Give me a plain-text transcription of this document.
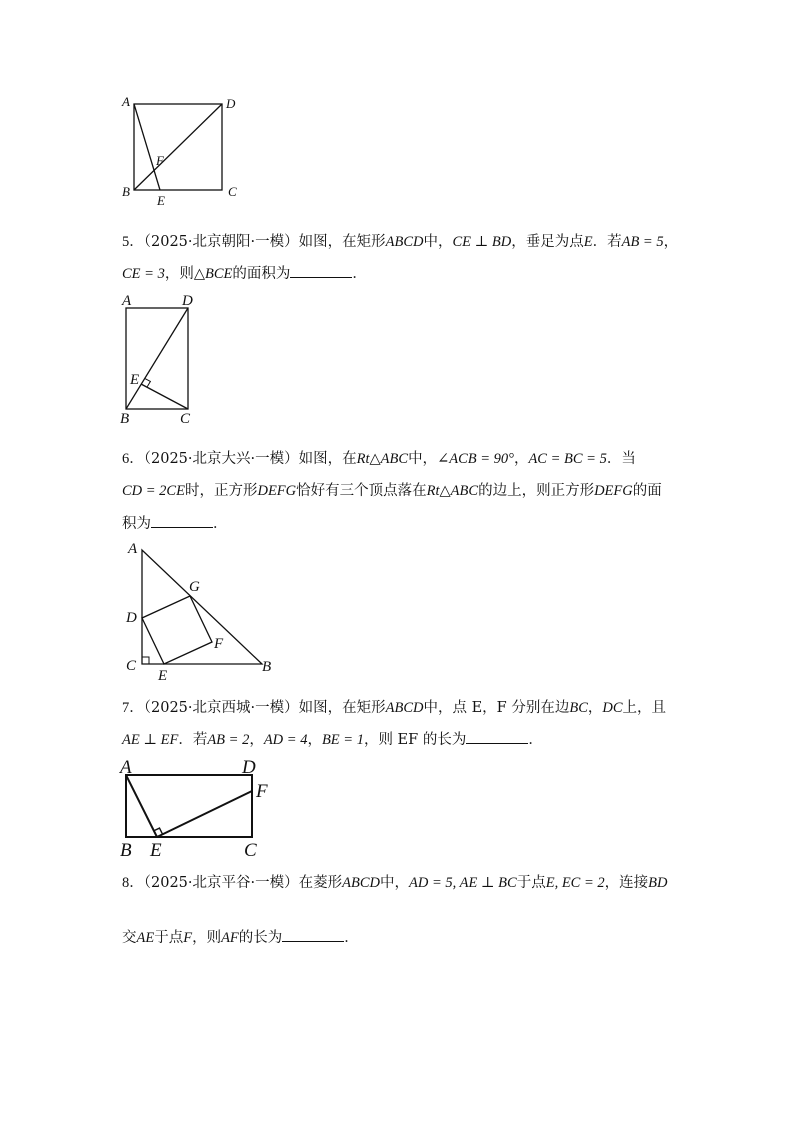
A	D
F
B
E
C
5．（2025·北京朝阳·一模）如图，在矩形ABCD中，CE ⊥ BD，垂足为点E．若AB = 5，
CE = 3，则△BCE的面积为	．
A	D
E
B	C
6．（2025·北京大兴·一模）如图，在Rt△ABC中，∠ACB = 90°，AC = BC = 5．当
CD = 2CE时，正方形DEFG恰好有三个顶点落在Rt△ABC的边上，则正方形DEFG的面
积为	．
A
G
D
F
C
E
B
7．（2025·北京西城·一模）如图，在矩形ABCD中，点 E，F 分别在边BC，DC上，且
AE ⊥ EF．若AB = 2，AD = 4，BE = 1，则 EF 的长为	．
A	D
F
B E	C
8．（2025·北京平谷·一模）在菱形ABCD中，AD = 5, AE ⊥ BC于点E, EC = 2，连接BD
交AE于点F，则AF的长为	．
